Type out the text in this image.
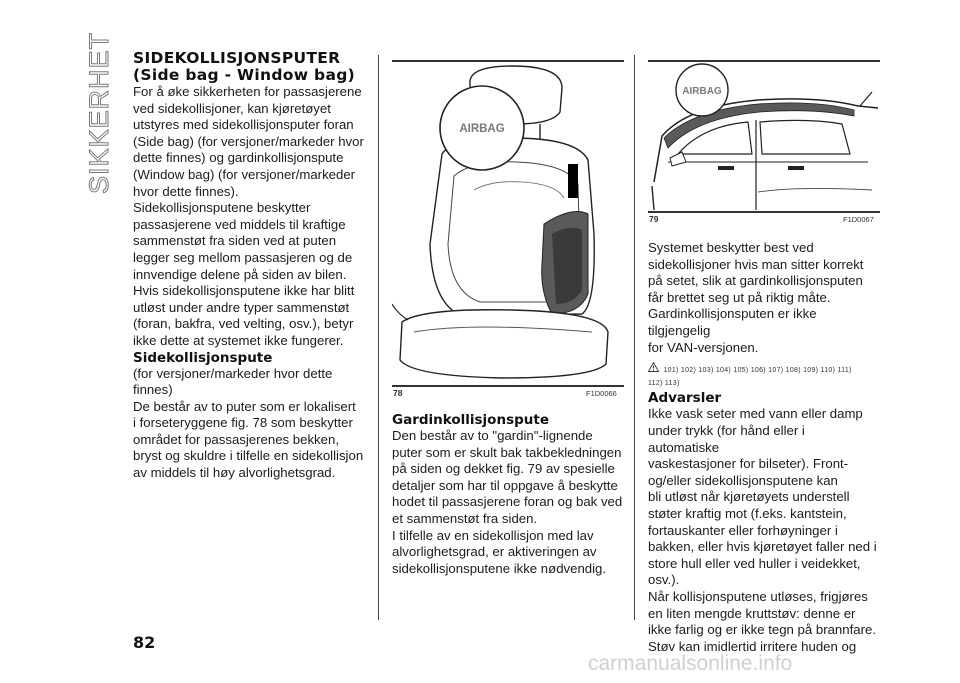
SIKKERHET SIDEKOLLISJONSPUTER
(Side bag - Window bag)

For å øke sikkerheten for passasjerene

ved sidekollisjoner, kan kjøretøyet

utstyres med sidekollisjonsputer foran

(Side bag) (for versjoner/markeder hvor

dette finnes) og gardinkollisjonspute

(Window bag) (for versjoner/markeder

hvor dette finnes).

Sidekollisjonsputene beskytter

passasjerene ved middels til kraftige

sammenstøt fra siden ved at puten

legger seg mellom passasjeren og de

innvendige delene på siden av bilen.

Hvis sidekollisjonsputene ikke har blitt

utløst under andre typer sammenstøt

(foran, bakfra, ved velting, osv.), betyr

ikke dette at systemet ikke fungerer.

Sidekollisjonspute

(for versjoner/markeder hvor dette

finnes)

De består av to puter som er lokalisert

i forseteryggene fig. 78 som beskytter

området for passasjerenes bekken,

bryst og skuldre i tilfelle en sidekollisjon

av middels til høy alvorlighetsgrad.

AIRBAG
78	F1D0066
Gardinkollisjonspute

Den består av to "gardin"-lignende

puter som er skult bak takbekledningen

på siden og dekket fig. 79 av spesielle

detaljer som har til oppgave å beskytte

hodet til passasjerene foran og bak ved

et sammenstøt fra siden.

I tilfelle av en sidekollisjon med lav

alvorlighetsgrad, er aktiveringen av

sidekollisjonsputene ikke nødvendig.

AIRBAG
79	F1D0067

Systemet beskytter best ved

sidekollisjoner hvis man sitter korrekt

på setet, slik at gardinkollisjonsputen

får brettet seg ut på riktig måte.

Gardinkollisjonsputen er ikke tilgjengelig

for VAN-versjonen.

101) 102) 103) 104) 105) 106) 107) 108) 109) 110) 111)
112) 113)
Advarsler

Ikke vask seter med vann eller damp

under trykk (for hånd eller i automatiske

vaskestasjoner for bilseter). Front-

og/eller sidekollisjonsputene kan

bli utløst når kjøretøyets understell

støter kraftig mot (f.eks. kantstein,

fortauskanter eller forhøyninger i

bakken, eller hvis kjøretøyet faller ned i

store hull eller ved huller i veidekket,

osv.).

Når kollisjonsputene utløses, frigjøres

en liten mengde kruttstøv: denne er

ikke farlig og er ikke tegn på brannfare.

Støv kan imidlertid irritere huden og

82
carmanualsonline.info
